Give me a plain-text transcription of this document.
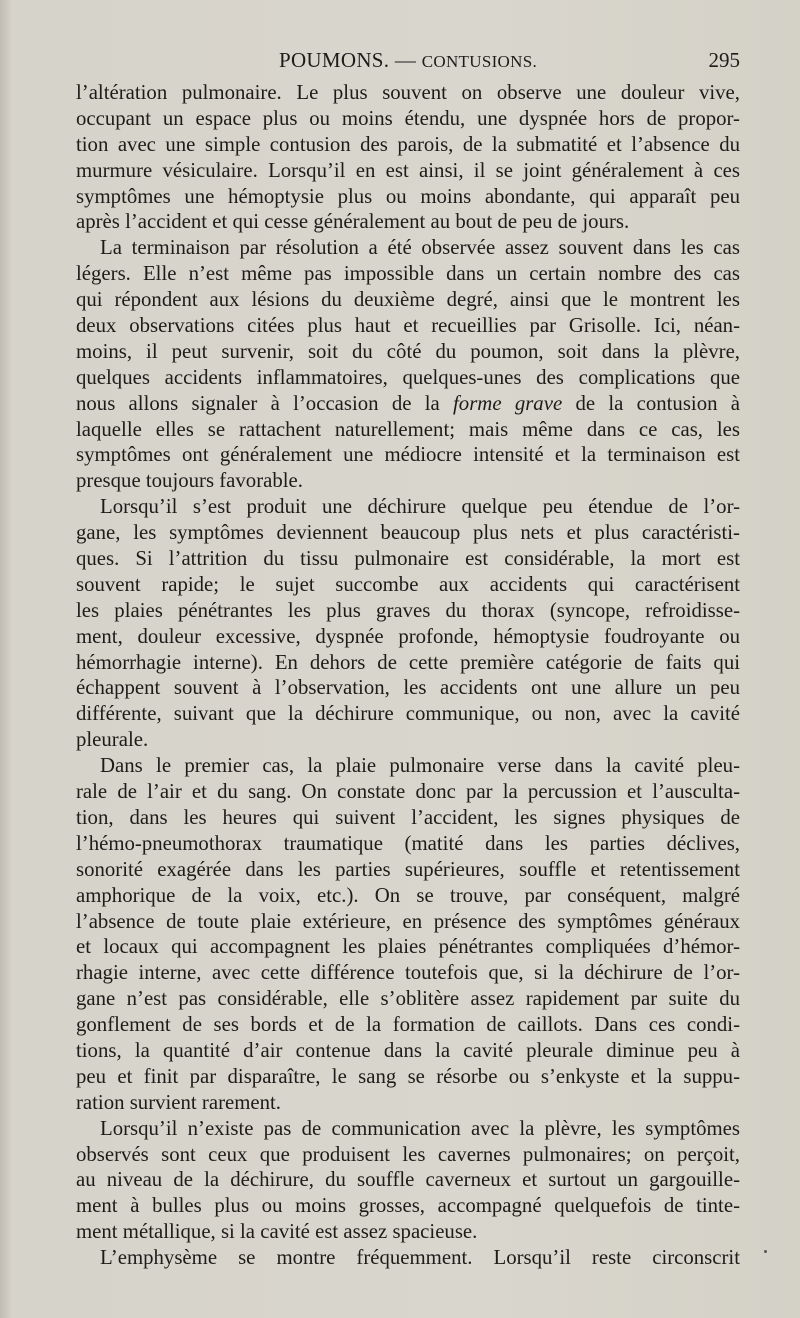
POUMONS. — CONTUSIONS.	295
l’altération pulmonaire. Le plus souvent on observe une douleur vive,
occupant un espace plus ou moins étendu, une dyspnée hors de propor-
tion avec une simple contusion des parois, de la submatité et l’absence du
murmure vésiculaire. Lorsqu’il en est ainsi, il se joint généralement à ces
symptômes une hémoptysie plus ou moins abondante, qui apparaît peu
après l’accident et qui cesse généralement au bout de peu de jours.
La terminaison par résolution a été observée assez souvent dans les cas
légers. Elle n’est même pas impossible dans un certain nombre des cas
qui répondent aux lésions du deuxième degré, ainsi que le montrent les
deux observations citées plus haut et recueillies par Grisolle. Ici, néan-
moins, il peut survenir, soit du côté du poumon, soit dans la plèvre,
quelques accidents inflammatoires, quelques-unes des complications que
nous allons signaler à l’occasion de la forme grave de la contusion à
laquelle elles se rattachent naturellement; mais même dans ce cas, les
symptômes ont généralement une médiocre intensité et la terminaison est
presque toujours favorable.
Lorsqu’il s’est produit une déchirure quelque peu étendue de l’or-
gane, les symptômes deviennent beaucoup plus nets et plus caractéristi-
ques. Si l’attrition du tissu pulmonaire est considérable, la mort est
souvent rapide; le sujet succombe aux accidents qui caractérisent
les plaies pénétrantes les plus graves du thorax (syncope, refroidisse-
ment, douleur excessive, dyspnée profonde, hémoptysie foudroyante ou
hémorrhagie interne). En dehors de cette première catégorie de faits qui
échappent souvent à l’observation, les accidents ont une allure un peu
différente, suivant que la déchirure communique, ou non, avec la cavité
pleurale.
Dans le premier cas, la plaie pulmonaire verse dans la cavité pleu-
rale de l’air et du sang. On constate donc par la percussion et l’ausculta-
tion, dans les heures qui suivent l’accident, les signes physiques de
l’hémo-pneumothorax traumatique (matité dans les parties déclives,
sonorité exagérée dans les parties supérieures, souffle et retentissement
amphorique de la voix, etc.). On se trouve, par conséquent, malgré
l’absence de toute plaie extérieure, en présence des symptômes généraux
et locaux qui accompagnent les plaies pénétrantes compliquées d’hémor-
rhagie interne, avec cette différence toutefois que, si la déchirure de l’or-
gane n’est pas considérable, elle s’oblitère assez rapidement par suite du
gonflement de ses bords et de la formation de caillots. Dans ces condi-
tions, la quantité d’air contenue dans la cavité pleurale diminue peu à
peu et finit par disparaître, le sang se résorbe ou s’enkyste et la suppu-
ration survient rarement.
Lorsqu’il n’existe pas de communication avec la plèvre, les symptômes
observés sont ceux que produisent les cavernes pulmonaires; on perçoit,
au niveau de la déchirure, du souffle caverneux et surtout un gargouille-
ment à bulles plus ou moins grosses, accompagné quelquefois de tinte-
ment métallique, si la cavité est assez spacieuse.
L’emphysème se montre fréquemment. Lorsqu’il reste circonscrit
